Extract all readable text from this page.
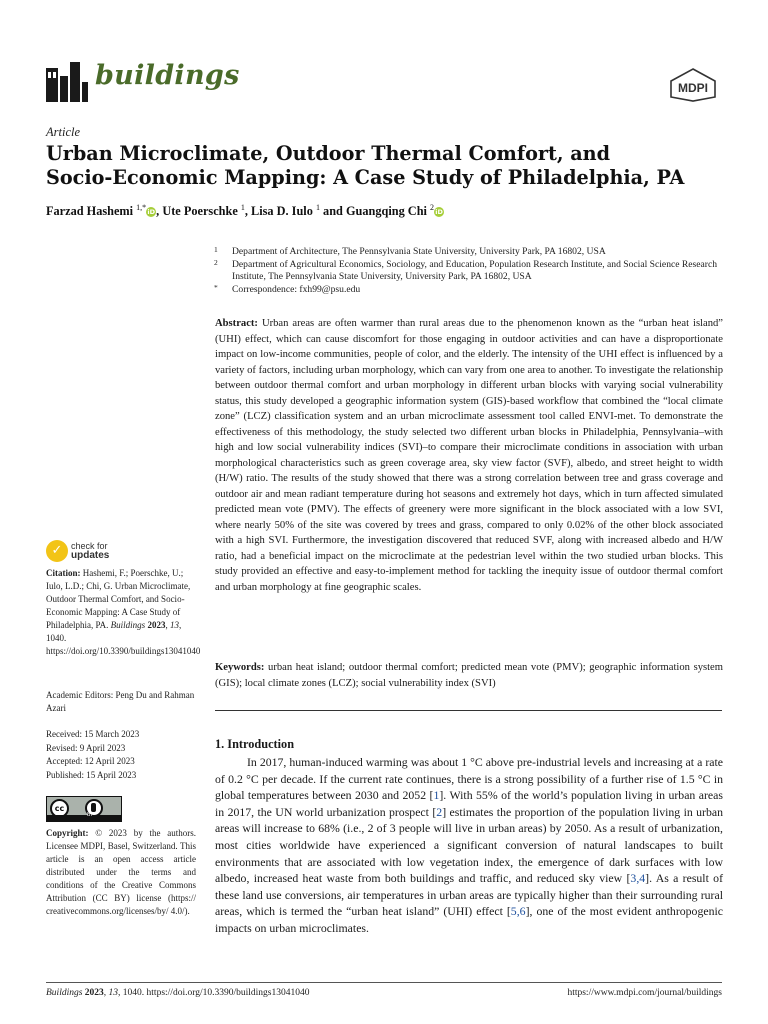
buildings	MDPI
Article
Urban Microclimate, Outdoor Thermal Comfort, and
Socio-Economic Mapping: A Case Study of Philadelphia, PA
Farzad Hashemi $^{1,*}$iD, Ute Poerschke $^1$, Lisa D. Iulo $^1$ and Guangqing Chi $^2$iD
1 Department of Architecture, The Pennsylvania State University, University Park, PA 16802, USA
2 Department of Agricultural Economics, Sociology, and Education, Population Research Institute, and Social Science Research Institute, The Pennsylvania State University, University Park, PA 16802, USA
* Correspondence: fxh99@psu.edu

Abstract: Urban areas are often warmer than rural areas due to the phenomenon known as the “urban heat island” (UHI) effect, which can cause discomfort for those engaging in outdoor activities and can have a disproportionate impact on low-income communities, people of color, and the elderly. The intensity of the UHI effect is influenced by a variety of factors, including urban morphology, which can vary from one area to another. To investigate the relationship between outdoor thermal comfort and urban morphology in different urban blocks with varying social vulnerability status, this study developed a geographic information system (GIS)-based workflow that combined the “local climate zone” (LCZ) classification system and an urban microclimate assessment tool called ENVI-met. To demonstrate the effectiveness of this methodology, the study selected two different urban blocks in Philadelphia, Pennsylvania–with high and low social vulnerability indices (SVI)–to compare their microclimate conditions in association with urban morphological characteristics such as green coverage area, sky view factor (SVF), albedo, and street height to width (H/W) ratio. The results of the study showed that there was a strong correlation between tree and grass coverage and outdoor air and mean radiant temperature during hot seasons and extremely hot days, which in turn affected simulated predicted mean vote (PMV). The effects of greenery were more significant in the block associated with a low SVI, where nearly 50% of the site was covered by trees and grass, compared to only 0.02% of the other block associated with a high SVI. Furthermore, the investigation discovered that reduced SVF, along with increased albedo and H/W ratio, had a beneficial impact on the microclimate at the pedestrian level within the two studied urban blocks. This study provided an effective and easy-to-implement method for tackling the inequity issue of outdoor thermal comfort and urban morphology at fine geographic scales.

Keywords: urban heat island; outdoor thermal comfort; predicted mean vote (PMV); geographic information system (GIS); local climate zones (LCZ); social vulnerability index (SVI)

✓ check for
updates

Citation: Hashemi, F.; Poerschke, U.; Iulo, L.D.; Chi, G. Urban Microclimate, Outdoor Thermal Comfort, and Socio-Economic Mapping: A Case Study of Philadelphia, PA. Buildings 2023, 13, 1040. https://doi.org/10.3390/buildings13041040

Academic Editors: Peng Du and Rahman Azari
Received: 15 March 2023
Revised: 9 April 2023
Accepted: 12 April 2023
Published: 15 April 2023
cc
BY

Copyright: © 2023 by the authors. Licensee MDPI, Basel, Switzerland. This article is an open access article distributed under the terms and conditions of the Creative Commons Attribution (CC BY) license (https:// creativecommons.org/licenses/by/ 4.0/).

1. Introduction

In 2017, human-induced warming was about 1 °C above pre-industrial levels and increasing at a rate of 0.2 °C per decade. If the current rate continues, there is a strong possibility of a further rise of 1.5 °C in global temperatures between 2030 and 2052 [1]. With 55% of the world’s population living in urban areas in 2017, the UN world urbanization prospect [2] estimates the proportion of the population living in urban areas will increase to 68% (i.e., 2 of 3 people will live in urban areas) by 2050. As a result of urbanization, most cities worldwide have experienced a significant conversion of natural landscapes to built environments that are associated with low vegetation index, the emergence of dark surfaces with low albedo, increased heat waste from both buildings and traffic, and reduced sky view [3,4]. As a result of these land use conversions, air temperatures in urban areas are typically higher than their surrounding rural areas, which is termed the “urban heat island” (UHI) effect [5,6], one of the most evident anthropogenic impacts on urban microclimates.

Buildings 2023, 13, 1040. https://doi.org/10.3390/buildings13041040	https://www.mdpi.com/journal/buildings
